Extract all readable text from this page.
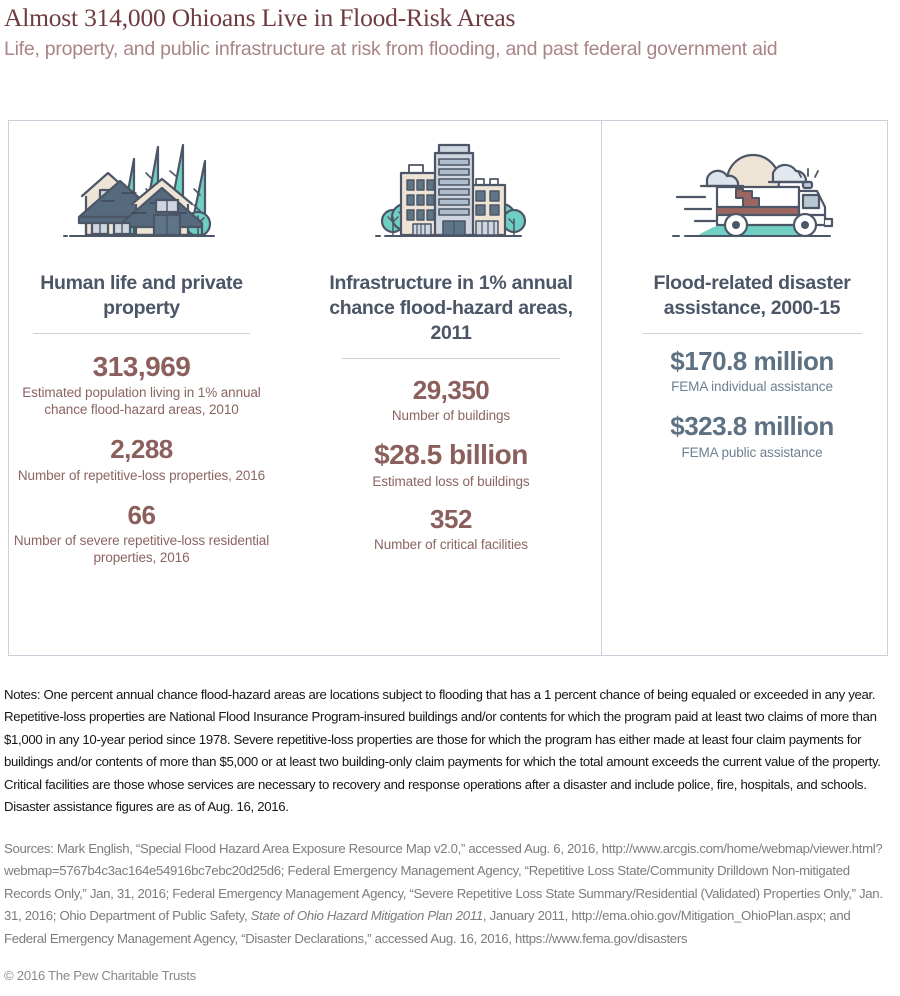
Almost 314,000 Ohioans Live in Flood-Risk Areas
Life, property, and public infrastructure at risk from flooding, and past federal government aid
Human life and private property
313,969
Estimated population living in 1% annual chance flood-hazard areas, 2010
2,288
Number of repetitive-loss properties, 2016
66
Number of severe repetitive-loss residential properties, 2016
Infrastructure in 1% annual chance flood-hazard areas, 2011
29,350
Number of buildings
$28.5 billion
Estimated loss of buildings
352
Number of critical facilities
Flood-related disaster assistance, 2000-15
$170.8 million
FEMA individual assistance
$323.8 million
FEMA public assistance
Notes: One percent annual chance flood-hazard areas are locations subject to flooding that has a 1 percent chance of being equaled or exceeded in any year. Repetitive-loss properties are National Flood Insurance Program-insured buildings and/or contents for which the program paid at least two claims of more than $1,000 in any 10-year period since 1978. Severe repetitive-loss properties are those for which the program has either made at least four claim payments for buildings and/or contents of more than $5,000 or at least two building-only claim payments for which the total amount exceeds the current value of the property. Critical facilities are those whose services are necessary to recovery and response operations after a disaster and include police, fire, hospitals, and schools. Disaster assistance figures are as of Aug. 16, 2016.
Sources: Mark English, “Special Flood Hazard Area Exposure Resource Map v2.0,” accessed Aug. 6, 2016, http://www.arcgis.com/home/webmap/viewer.html?webmap=5767b4c3ac164e54916bc7ebc20d25d6; Federal Emergency Management Agency, “Repetitive Loss State/Community Drilldown Non-mitigated Records Only,” Jan, 31, 2016; Federal Emergency Management Agency, “Severe Repetitive Loss State Summary/Residential (Validated) Properties Only,” Jan. 31, 2016; Ohio Department of Public Safety, State of Ohio Hazard Mitigation Plan 2011, January 2011, http://ema.ohio.gov/Mitigation_OhioPlan.aspx; and Federal Emergency Management Agency, “Disaster Declarations,” accessed Aug. 16, 2016, https://www.fema.gov/disasters
© 2016 The Pew Charitable Trusts
